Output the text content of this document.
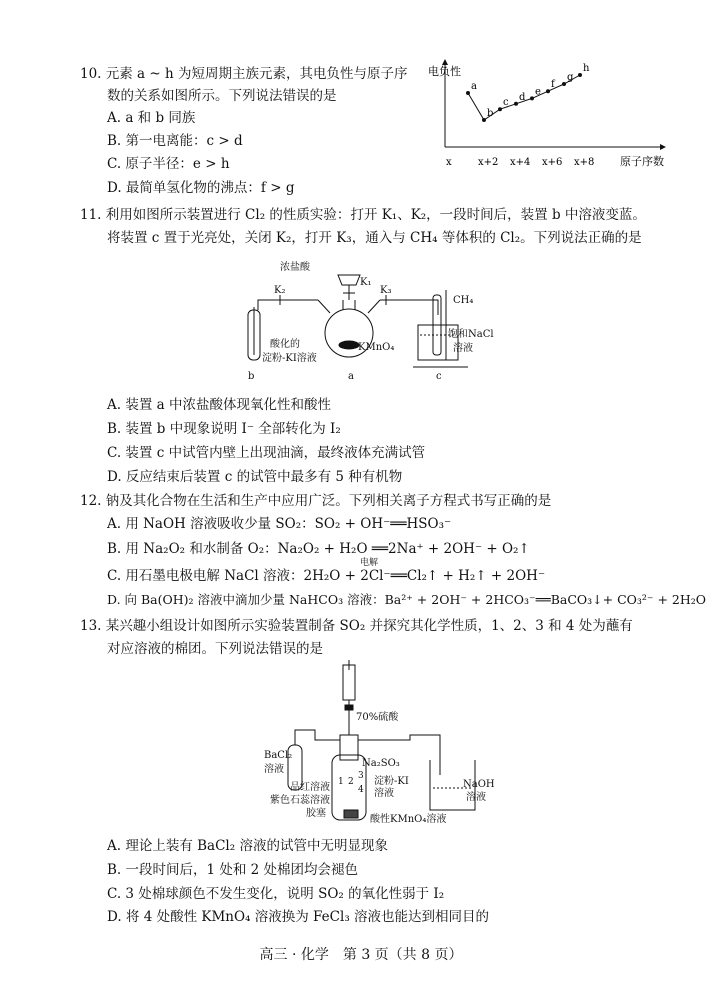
10. 元素 a ~ h 为短周期主族元素，其电负性与原子序
数的关系如图所示。下列说法错误的是
A. a 和 b 同族
B. 第一电离能：c > d
C. 原子半径：e > h
D. 最简单氢化物的沸点：f > g
电负性
x	x+2 x+4 x+6 x+8
a
b
c d e
f
g
h
原子序数
11. 利用如图所示装置进行 Cl₂ 的性质实验：打开 K₁、K₂，一段时间后，装置 b 中溶液变蓝。
将装置 c 置于光亮处，关闭 K₂，打开 K₃，通入与 CH₄ 等体积的 Cl₂。下列说法正确的是
浓盐酸
K₁
K₂	K₃
KMnO₄
酸化的
淀粉-KI溶液
CH₄
饱和NaCl
溶液
b	a	c
A. 装置 a 中浓盐酸体现氧化性和酸性
B. 装置 b 中现象说明 I⁻ 全部转化为 I₂
C. 装置 c 中试管内壁上出现油滴，最终液体充满试管
D. 反应结束后装置 c 的试管中最多有 5 种有机物
12. 钠及其化合物在生活和生产中应用广泛。下列相关离子方程式书写正确的是
A. 用 NaOH 溶液吸收少量 SO₂：SO₂ + OH⁻══HSO₃⁻
B. 用 Na₂O₂ 和水制备 O₂：Na₂O₂ + H₂O ══2Na⁺ + 2OH⁻ + O₂↑
电解
C. 用石墨电极电解 NaCl 溶液：2H₂O + 2Cl⁻══Cl₂↑ + H₂↑ + 2OH⁻
D. 向 Ba(OH)₂ 溶液中滴加少量 NaHCO₃ 溶液：Ba²⁺ + 2OH⁻ + 2HCO₃⁻══BaCO₃↓+ CO₃²⁻ + 2H₂O
13. 某兴趣小组设计如图所示实验装置制备 SO₂ 并探究其化学性质，1、2、3 和 4 处为蘸有
对应溶液的棉团。下列说法错误的是
70%硫酸
BaCl₂
溶液
Na₂SO₃
品红溶液
紫色石蕊溶液
胶塞
淀粉-KI
溶液
酸性KMnO₄溶液
NaOH
溶液
1 2
3
4
A. 理论上装有 BaCl₂ 溶液的试管中无明显现象
B. 一段时间后，1 处和 2 处棉团均会褪色
C. 3 处棉球颜色不发生变化，说明 SO₂ 的氧化性弱于 I₂
D. 将 4 处酸性 KMnO₄ 溶液换为 FeCl₃ 溶液也能达到相同目的
高三 · 化学　第 3 页（共 8 页）
